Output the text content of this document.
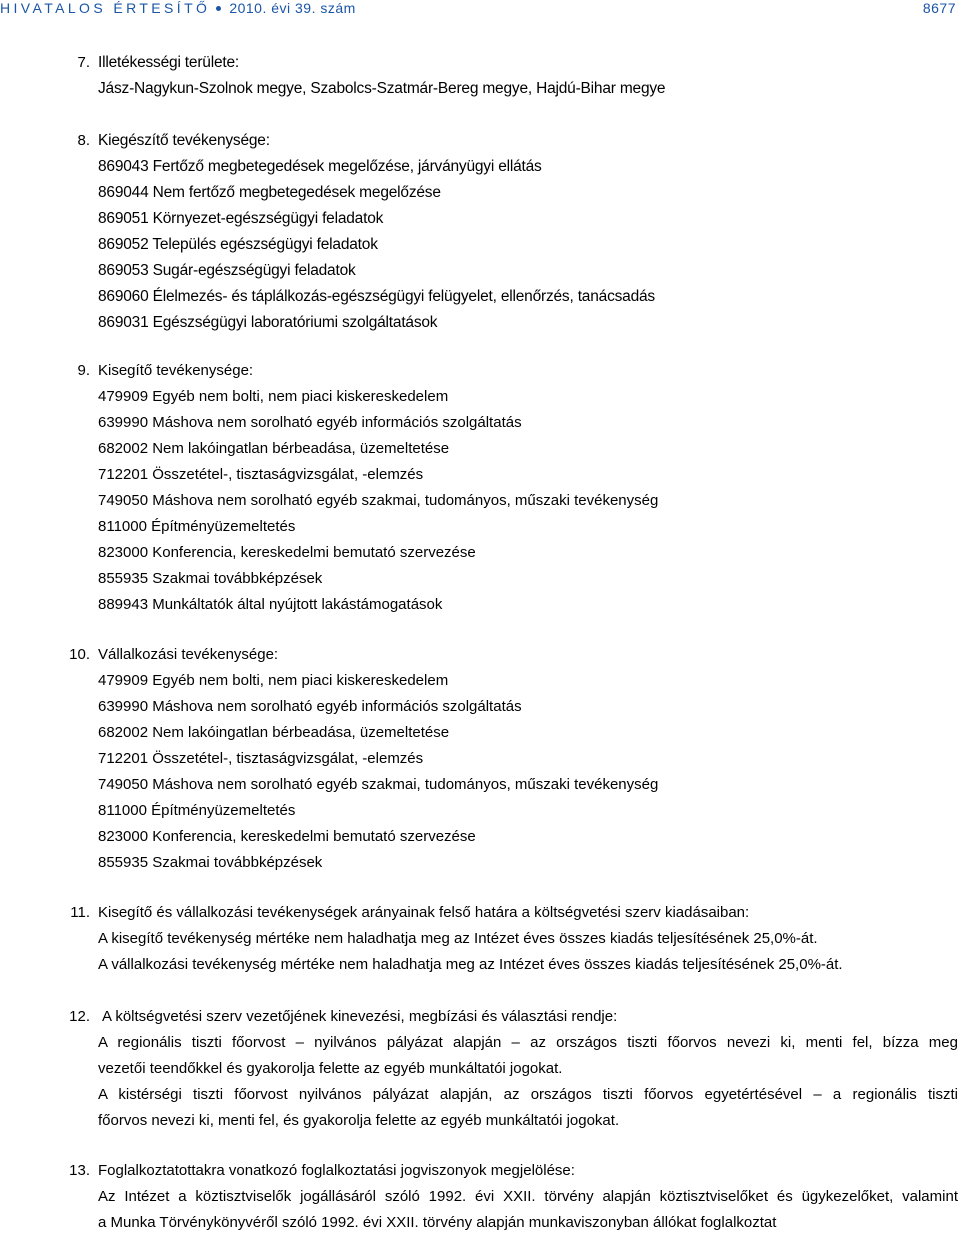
HIVATALOS ÉRTESÍTŐ 2010. évi 39. szám	8677
7. Illetékességi területe:
Jász-Nagykun-Szolnok megye, Szabolcs-Szatmár-Bereg megye, Hajdú-Bihar megye
8. Kiegészítő tevékenysége:
869043 Fertőző megbetegedések megelőzése, járványügyi ellátás
869044 Nem fertőző megbetegedések megelőzése
869051 Környezet-egészségügyi feladatok
869052 Település egészségügyi feladatok
869053 Sugár-egészségügyi feladatok
869060 Élelmezés- és táplálkozás-egészségügyi felügyelet, ellenőrzés, tanácsadás
869031 Egészségügyi laboratóriumi szolgáltatások
9. Kisegítő tevékenysége:
479909 Egyéb nem bolti, nem piaci kiskereskedelem
639990 Máshova nem sorolható egyéb információs szolgáltatás
682002 Nem lakóingatlan bérbeadása, üzemeltetése
712201 Összetétel-, tisztaságvizsgálat, -elemzés
749050 Máshova nem sorolható egyéb szakmai, tudományos, műszaki tevékenység
811000 Építményüzemeltetés
823000 Konferencia, kereskedelmi bemutató szervezése
855935 Szakmai továbbképzések
889943 Munkáltatók által nyújtott lakástámogatások
10. Vállalkozási tevékenysége:
479909 Egyéb nem bolti, nem piaci kiskereskedelem
639990 Máshova nem sorolható egyéb információs szolgáltatás
682002 Nem lakóingatlan bérbeadása, üzemeltetése
712201 Összetétel-, tisztaságvizsgálat, -elemzés
749050 Máshova nem sorolható egyéb szakmai, tudományos, műszaki tevékenység
811000 Építményüzemeltetés
823000 Konferencia, kereskedelmi bemutató szervezése
855935 Szakmai továbbképzések
11. Kisegítő és vállalkozási tevékenységek arányainak felső határa a költségvetési szerv kiadásaiban:
A kisegítő tevékenység mértéke nem haladhatja meg az Intézet éves összes kiadás teljesítésének 25,0%-át.
A vállalkozási tevékenység mértéke nem haladhatja meg az Intézet éves összes kiadás teljesítésének 25,0%-át.
12. A költségvetési szerv vezetőjének kinevezési, megbízási és választási rendje:
A regionális tiszti főorvost – nyilvános pályázat alapján – az országos tiszti főorvos nevezi ki, menti fel, bízza meg
vezetői teendőkkel és gyakorolja felette az egyéb munkáltatói jogokat.
A kistérségi tiszti főorvost nyilvános pályázat alapján, az országos tiszti főorvos egyetértésével – a regionális tiszti
főorvos nevezi ki, menti fel, és gyakorolja felette az egyéb munkáltatói jogokat.
13. Foglalkoztatottakra vonatkozó foglalkoztatási jogviszonyok megjelölése:
Az Intézet a köztisztviselők jogállásáról szóló 1992. évi XXII. törvény alapján köztisztviselőket és ügykezelőket, valamint
a Munka Törvénykönyvéről szóló 1992. évi XXII. törvény alapján munkaviszonyban állókat foglalkoztat
